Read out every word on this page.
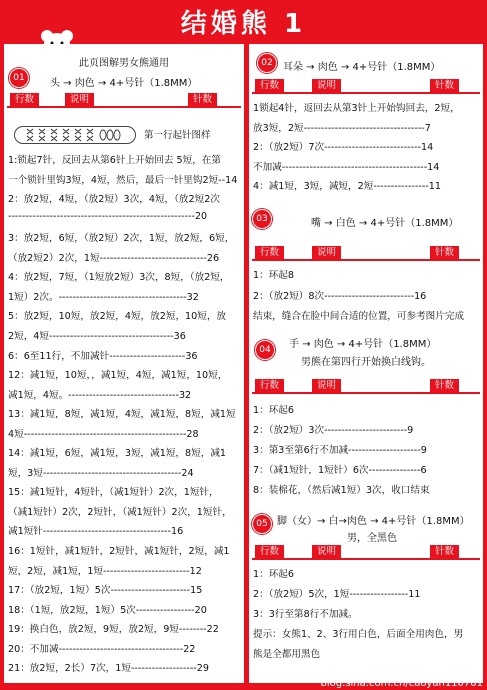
结婚熊 1
此页图解男女熊通用
01	头 → 肉色 → 4+号针（1.8MM）
行数	说明	针数
第一行起针图样
1:锁起7针，反回去从第6针上开始回去 5短，在第
一个锁针里钩3短，4短，然后，最后一针里钩2短--14
2：放2短，4短，（放2短）3次，4短，（放2短2次
------------------------------------------------------20
3：放2短，6短，（放2短）2次，1短，放2短，6短，
（放2短2）2次，1短-------------------------------26
4：放2短，7短，（1短放2短）3次，8短，（放2短，
1短）2次。-------------------------------------32
5：放2短，10短，放2短，4短，放2短，10短，放
2短，4短------------------------------------36
6：6至11行，不加减针----------------------36
12：减1短，10短，，减1短，4短，减1短，10短，
减1短，4短。--------------------------------32
13：减1短，8短，减1短，4短，减1短，8短，减1短
4短-----------------------------------------------28
14：减1短，6短，减1短，3短，减1短，8短，减1
短，3短----------------------------------------24
15：减1短针，4短针，（减1短针）2次，1短针，
（减1短针）2次，2短针，（减1短针）2次，1短针，
减1短针-------------------------------------16
16：1短针，减1短针，2短针，减1短针，2短，减1
短，2短，减1短，1短-------------------------12
17：（放2短，1短）5次-----------------------15
18：（1短，放2短，1短）5次-----------------20
19：换白色，放2短，9短，放2短，9短--------22
20：不加减------------------------------------22
21：放2短，2长）7次，1短-------------------29
02	耳朵 → 肉色 → 4+号针（1.8MM）
行数	说明	针数
1锁起4针，返回去从第3针上开始钩回去，2短，
放3短，2短-----------------------------------7
2：（放2短）7次----------------------------14
不加减------------------------------------------14
4：减1短，3短，减短，2短----------------11
03	嘴 → 白色 → 4+号针（1.8MM）
行数	说明	针数
1：环起8
2：（放2短）8次--------------------------16
结束，缝合在脸中间合适的位置，可参考图片完成
04	手 → 肉色 → 4+号针（1.8MM）
男熊在第四行开始换白线钩。
行数	说明	针数
1：环起6
2：（放2短）3次------------------------9
3：第3至第6行不加减---------------------9
7：（减1短针，1短针）6次---------------6
8：装棉花，（然后减1短）3次，收口结束
05 脚（女）→ 白→肉色 → 4+号针（1.8MM）
男，全黑色
行数	说明	针数
1：环起6
2：（放2短）5次，1短-----------------11
3：3行至第8行不加减。
提示：女熊1、2、3行用白色，后面全用肉色，男
熊是全都用黑色
blog.sina.com.cn/caoyan110701
